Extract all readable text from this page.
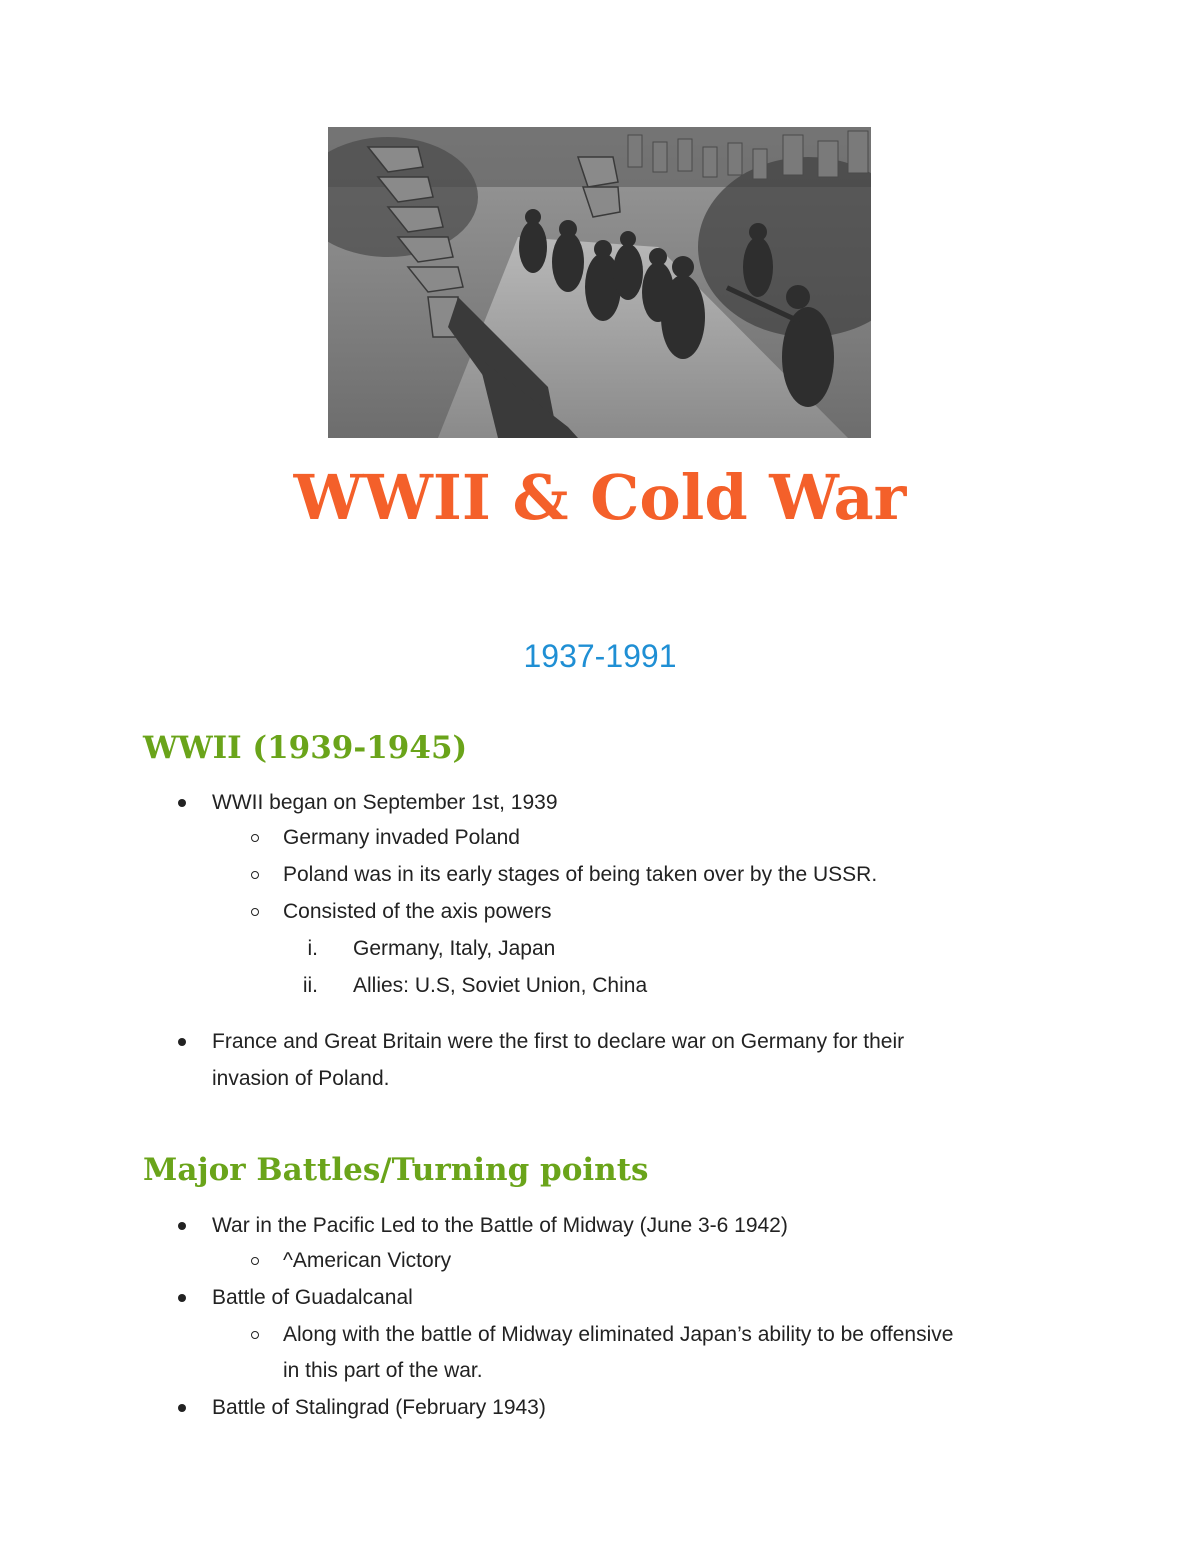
WWII & Cold War
1937-1991
WWII (1939-1945)
WWII began on September 1st, 1939
Germany invaded Poland
Poland was in its early stages of being taken over by the USSR.
Consisted of the axis powers
i. Germany, Italy, Japan
ii. Allies: U.S, Soviet Union, China
France and Great Britain were the first to declare war on Germany for their
invasion of Poland.
Major Battles/Turning points
War in the Pacific Led to the Battle of Midway (June 3-6 1942)
^American Victory
Battle of Guadalcanal
Along with the battle of Midway eliminated Japan’s ability to be offensive
in this part of the war.
Battle of Stalingrad (February 1943)
